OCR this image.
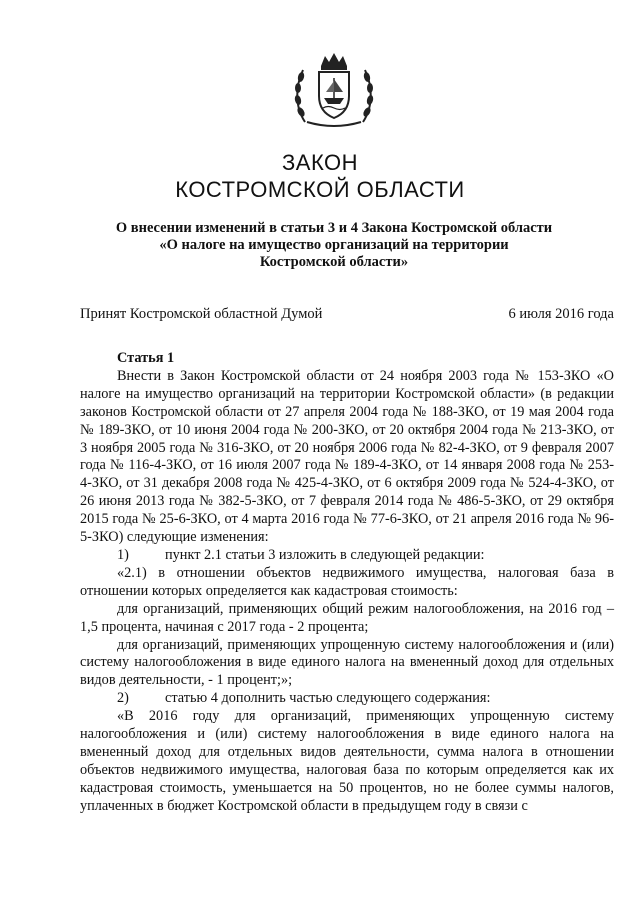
ЗАКОН
КОСТРОМСКОЙ ОБЛАСТИ
О внесении изменений в статьи 3 и 4 Закона Костромской области
«О налоге на имущество организаций на территории
Костромской области»
Принят Костромской областной Думой	6 июля 2016 года

Статья 1

Внести в Закон Костромской области от 24 ноября 2003 года № 153-ЗКО «О налоге на имущество организаций на территории Костромской области» (в редакции законов Костромской области от 27 апреля 2004 года № 188-ЗКО, от 19 мая 2004 года № 189-ЗКО, от 10 июня 2004 года № 200-ЗКО, от 20 октября 2004 года № 213-ЗКО, от 3 ноября 2005 года № 316-ЗКО, от 20 ноября 2006 года № 82-4-ЗКО, от 9 февраля 2007 года № 116-4-ЗКО, от 16 июля 2007 года № 189-4-ЗКО, от 14 января 2008 года № 253-4-ЗКО, от 31 декабря 2008 года № 425-4-ЗКО, от 6 октября 2009 года № 524-4-ЗКО, от 26 июня 2013 года № 382-5-ЗКО, от 7 февраля 2014 года № 486-5-ЗКО, от 29 октября 2015 года № 25-6-ЗКО, от 4 марта 2016 года № 77-6-ЗКО, от 21 апреля 2016 года № 96-5-ЗКО) следующие изменения:

1)	пункт 2.1 статьи 3 изложить в следующей редакции:

«2.1) в отношении объектов недвижимого имущества, налоговая база в отношении которых определяется как кадастровая стоимость:

для организаций, применяющих общий режим налогообложения, на 2016 год – 1,5 процента, начиная с 2017 года - 2 процента;

для организаций, применяющих упрощенную систему налогообложения и (или) систему налогообложения в виде единого налога на вмененный доход для отдельных видов деятельности, - 1 процент;»;

2)	статью 4 дополнить частью следующего содержания:

«В 2016 году для организаций, применяющих упрощенную систему налогообложения и (или) систему налогообложения в виде единого налога на вмененный доход для отдельных видов деятельности, сумма налога в отношении объектов недвижимого имущества, налоговая база по которым определяется как их кадастровая стоимость, уменьшается на 50 процентов, но не более суммы налогов, уплаченных в бюджет Костромской области в предыдущем году в связи с
